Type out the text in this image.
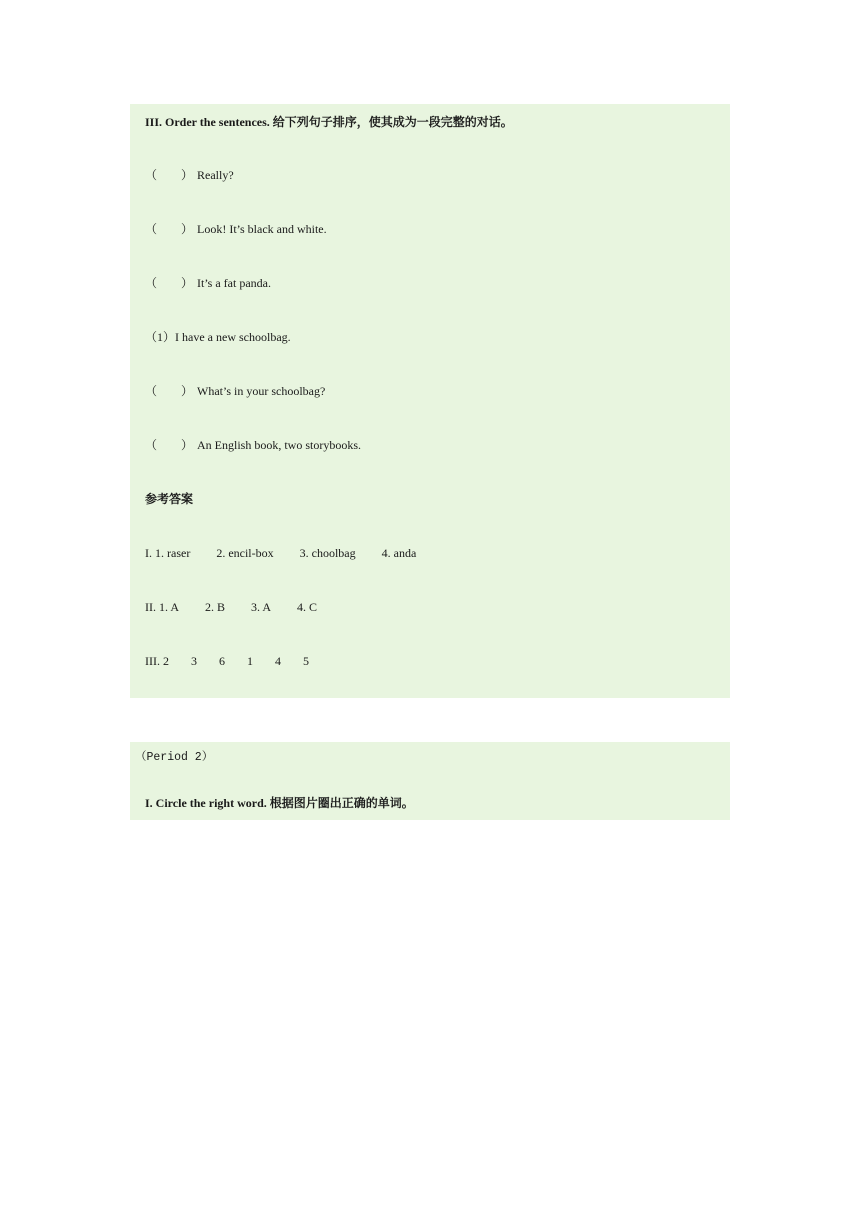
III. Order the sentences. 给下列句子排序，使其成为一段完整的对话。
（　　） Really?
（　　） Look! It’s black and white.
（　　） It’s a fat panda.
（1）I have a new schoolbag.
（　　） What’s in your schoolbag?
（　　） An English book, two storybooks.
参考答案
I. 1. raser 2. encil-box 3. choolbag 4. anda
II. 1. A 2. B 3. A 4. C
III. 2 3 6 1 4 5
（Period 2）
I. Circle the right word. 根据图片圈出正确的单词。
